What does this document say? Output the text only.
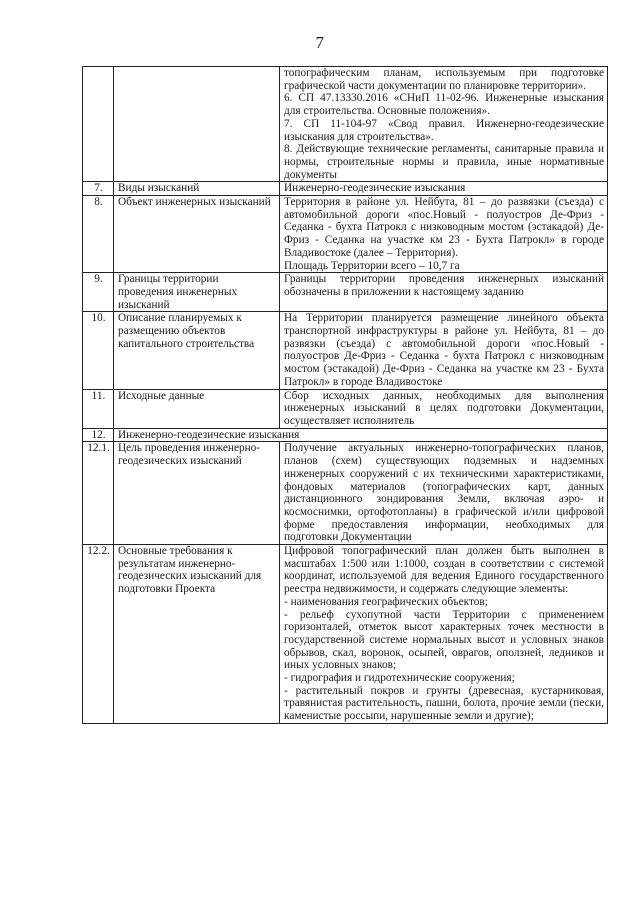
7

		топографическим планам, используемым при подготовке графической части документации по планировке территории».
6. СП 47.13330.2016 «СНиП 11-02-96. Инженерные изыскания для строительства. Основные положения».
7. СП 11-104-97 «Свод правил. Инженерно-геодезические изыскания для строительства».
8. Действующие технические регламенты, санитарные правила и нормы, строительные нормы и правила, иные нормативные документы

7.	Виды изысканий	Инженерно-геодезические изыскания

8.	Объект инженерных изысканий	Территория в районе ул. Нейбута, 81 – до развязки (съезда) с автомобильной дороги «пос.Новый - полуостров Де-Фриз - Седанка - бухта Патрокл с низководным мостом (эстакадой) Де-Фриз - Седанка на участке км 23 - Бухта Патрокл» в городе Владивостоке (далее – Территория).
Площадь Территории всего – 10,7 га

9.	Границы территории проведения инженерных изысканий	Границы территории проведения инженерных изысканий обозначены в приложении к настоящему заданию

10.	Описание планируемых к размещению объектов капитального строительства	На Территории планируется размещение линейного объекта транспортной инфраструктуры в районе ул. Нейбута, 81 – до развязки (съезда) с автомобильной дороги «пос.Новый - полуостров Де-Фриз - Седанка - бухта Патрокл с низководным мостом (эстакадой) Де-Фриз - Седанка на участке км 23 - Бухта Патрокл» в городе Владивостоке

11.	Исходные данные	Сбор исходных данных, необходимых для выполнения инженерных изысканий в целях подготовки Документации, осуществляет исполнитель

12.	Инженерно-геодезические изыскания	
12.1.	Цель проведения инженерно-геодезических изысканий	Получение актуальных инженерно-топографических планов, планов (схем) существующих подземных и надземных инженерных сооружений с их техническими характеристиками, фондовых материалов (топографических карт, данных дистанционного зондирования Земли, включая аэро- и космоснимки, ортофотопланы) в графической и/или цифровой форме предоставления информации, необходимых для подготовки Документации

12.2.	Основные требования к результатам инженерно-геодезических изысканий для подготовки Проекта	Цифровой топографический план должен быть выполнен в масштабах 1:500 или 1:1000, создан в соответствии с системой координат, используемой для ведения Единого государственного реестра недвижимости, и содержать следующие элементы:
- наименования географических объектов;
- рельеф сухопутной части Территории с применением горизонталей, отметок высот характерных точек местности в государственной системе нормальных высот и условных знаков обрывов, скал, воронок, осыпей, оврагов, оползней, ледников и иных условных знаков;
- гидрография и гидротехнические сооружения;
- растительный покров и грунты (древесная, кустарниковая, травянистая растительность, пашни, болота, прочие земли (пески, каменистые россыпи, нарушенные земли и другие);
